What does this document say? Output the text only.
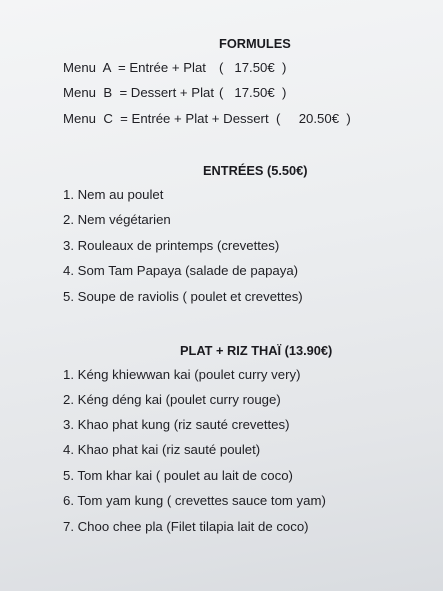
FORMULES
Menu  A  = Entrée + Plat (   17.50€  )
Menu  B  = Dessert + Plat (   17.50€  )
Menu  C  = Entrée + Plat + Dessert (     20.50€  )
ENTRÉES (5.50€)
1. Nem au poulet
2. Nem végétarien
3. Rouleaux de printemps (crevettes)
4. Som Tam Papaya (salade de papaya)
5. Soupe de raviolis ( poulet et crevettes)
PLAT + RIZ THAÏ (13.90€)
1. Kéng khiewwan kai (poulet curry very)
2. Kéng déng kai (poulet curry rouge)
3. Khao phat kung (riz sauté crevettes)
4. Khao phat kai (riz sauté poulet)
5. Tom khar kai ( poulet au lait de coco)
6. Tom yam kung ( crevettes sauce tom yam)
7. Choo chee pla (Filet tilapia lait de coco)
